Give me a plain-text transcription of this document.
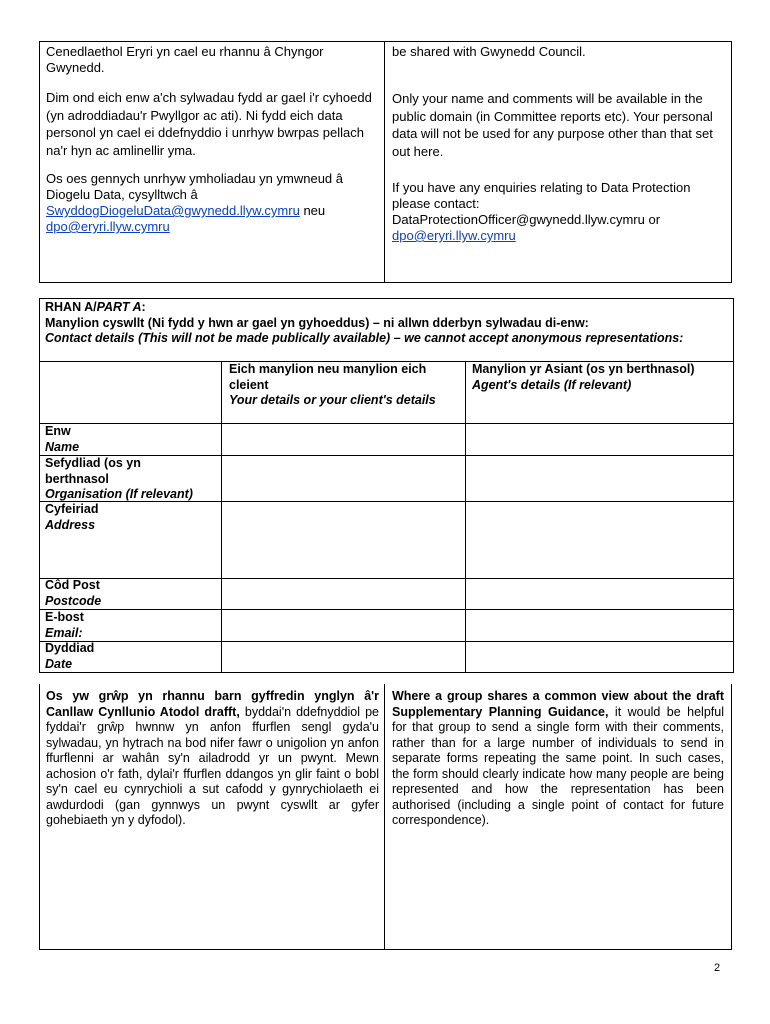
Cenedlaethol Eryri yn cael eu rhannu â Chyngor Gwynedd.

Dim ond eich enw a'ch sylwadau fydd ar gael i'r cyhoedd (yn adroddiadau'r Pwyllgor ac ati). Ni fydd eich data personol yn cael ei ddefnyddio i unrhyw bwrpas pellach na'r hyn ac amlinellir yma.

Os oes gennych unrhyw ymholiadau yn ymwneud â Diogelu Data, cysylltwch â
SwyddogDiogeluData@gwynedd.llyw.cymru neu
dpo@eryri.llyw.cymru

be shared with Gwynedd Council.

Only your name and comments will be available in the public domain (in Committee reports etc). Your personal data will not be used for any purpose other than that set out here.

If you have any enquiries relating to Data Protection please contact:
DataProtectionOfficer@gwynedd.llyw.cymru or
dpo@eryri.llyw.cymru

RHAN A/PART A:

Manylion cyswllt (Ni fydd y hwn ar gael yn gyhoeddus) – ni allwn dderbyn sylwadau di-enw:

Contact details (This will not be made publically available) – we cannot accept anonymous representations:

Eich manylion neu manylion eich cleient

Your details or your client's details

Manylion yr Asiant (os yn berthnasol)

Agent's details (If relevant)

Enw

Name

Sefydliad (os yn berthnasol

Organisation (If relevant)

Cyfeiriad

Address

Côd Post

Postcode

E-bost

Email:

Dyddiad

Date

Os yw grŵp yn rhannu barn gyffredin ynglyn â'r Canllaw Cynllunio Atodol drafft, byddai'n ddefnyddiol pe fyddai'r grŵp hwnnw yn anfon ffurflen sengl gyda'u sylwadau, yn hytrach na bod nifer fawr o unigolion yn anfon ffurflenni ar wahân sy'n ailadrodd yr un pwynt. Mewn achosion o'r fath, dylai'r ffurflen ddangos yn glir faint o bobl sy'n cael eu cynrychioli a sut cafodd y gynrychiolaeth ei awdurdodi (gan gynnwys un pwynt cyswllt ar gyfer gohebiaeth yn y dyfodol).
Where a group shares a common view about the draft Supplementary Planning Guidance, it would be helpful for that group to send a single form with their comments, rather than for a large number of individuals to send in separate forms repeating the same point. In such cases, the form should clearly indicate how many people are being represented and how the representation has been authorised (including a single point of contact for future correspondence).
2
